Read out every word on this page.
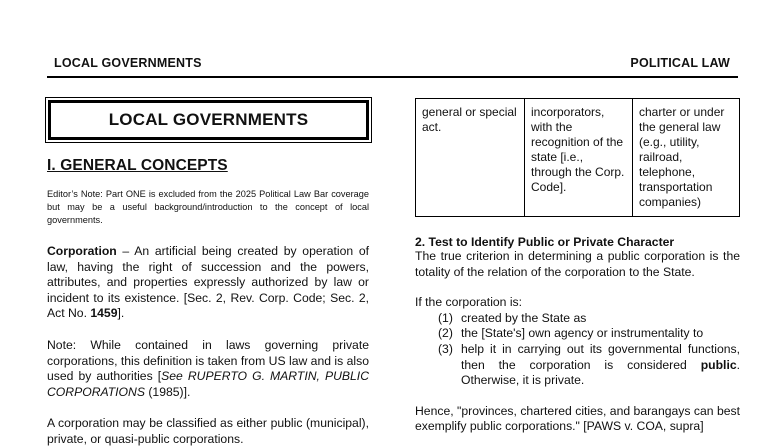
LOCAL GOVERNMENTS	POLITICAL LAW
LOCAL GOVERNMENTS
I. GENERAL CONCEPTS
Editor’s Note: Part ONE is excluded from the 2025 Political Law Bar coverage but may be a useful background/introduction to the concept of local governments.

Corporation – An artificial being created by operation of law, having the right of succession and the powers, attributes, and properties expressly authorized by law or incident to its existence. [Sec. 2, Rev. Corp. Code; Sec. 2, Act No. 1459].

Note: While contained in laws governing private corporations, this definition is taken from US law and is also used by authorities [See RUPERTO G. MARTIN, PUBLIC CORPORATIONS (1985)].

A corporation may be classified as either public (municipal), private, or quasi-public corporations.

general or special act.	incorporators, with the recognition of the state [i.e., through the Corp. Code].	charter or under the general law (e.g., utility, railroad, telephone, transportation companies)
2. Test to Identify Public or Private Character

The true criterion in determining a public corporation is the totality of the relation of the corporation to the State.

If the corporation is:
(1) created by the State as
(2) the [State's] own agency or instrumentality to
(3) help it in carrying out its governmental functions, then the corporation is considered public. Otherwise, it is private.

Hence, "provinces, chartered cities, and barangays can best exemplify public corporations." [PAWS v. COA, supra]
